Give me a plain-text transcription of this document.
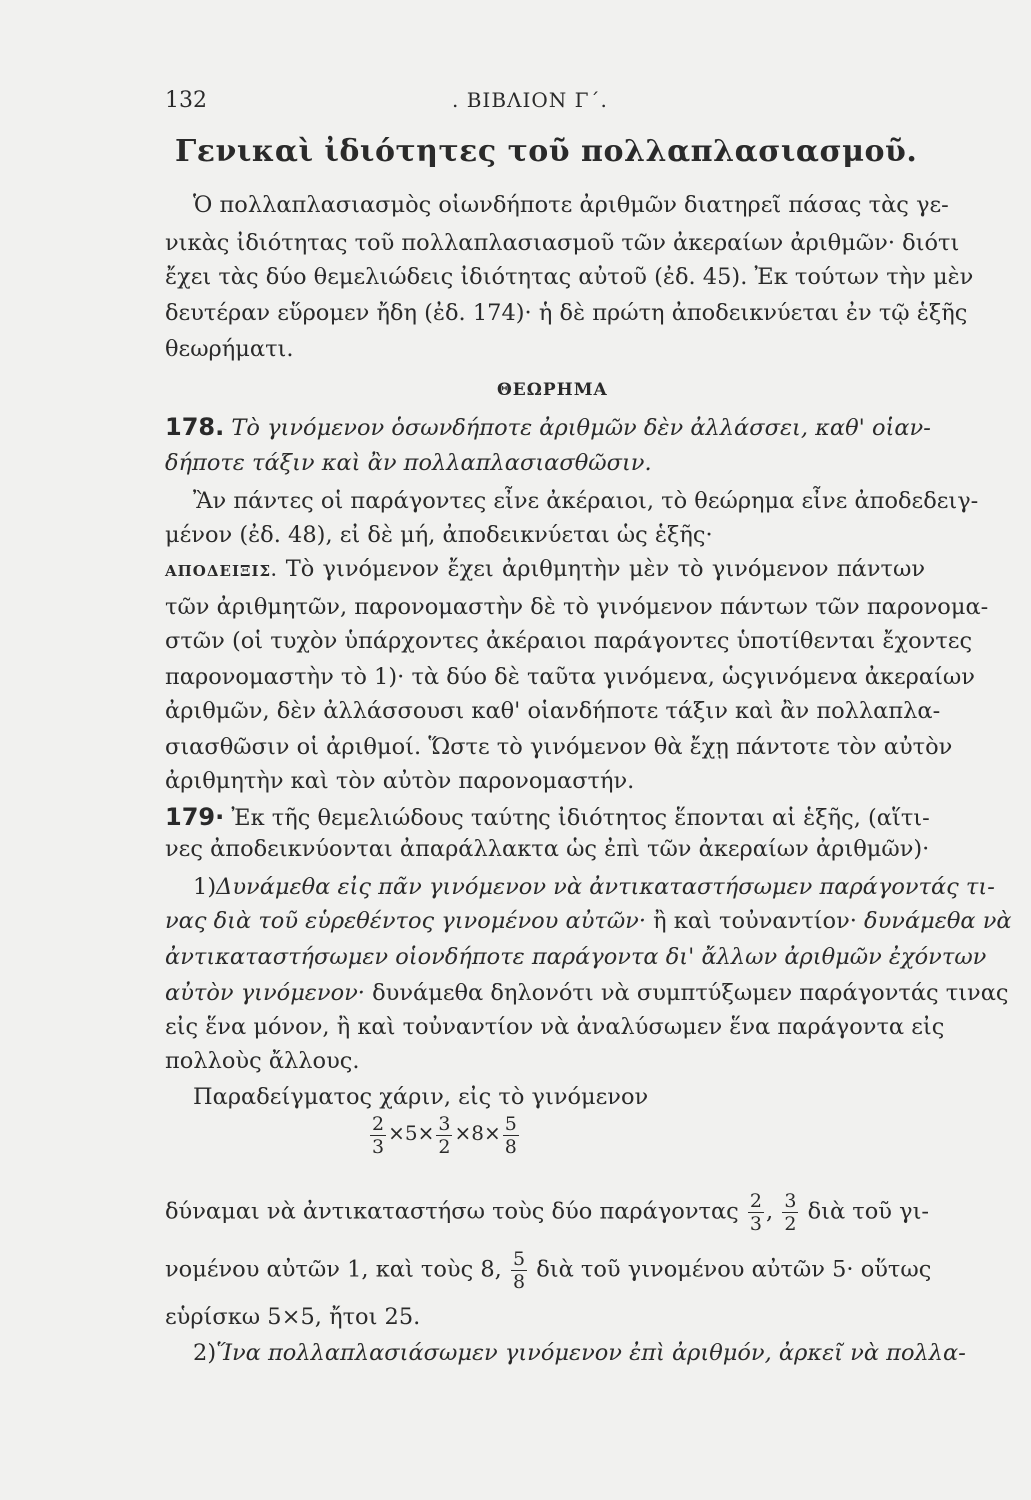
132	. ΒΙΒΛΙΟΝ Γ΄.
Γενικαὶ ἰδιότητες τοῦ πολλαπλασιασμοῦ.
Ὁ πολλαπλασιασμὸς οἱωνδήποτε ἀριθμῶν διατηρεῖ πάσας τὰς γε-
νικὰς ἰδιότητας τοῦ πολλαπλασιασμοῦ τῶν ἀκεραίων ἀριθμῶν· διότι
ἔχει τὰς δύο θεμελιώδεις ἰδιότητας αὐτοῦ (ἐδ. 45). Ἐκ τούτων τὴν μὲν
δευτέραν εὕρομεν ἤδη (ἐδ. 174)· ἡ δὲ πρώτη ἀποδεικνύεται ἐν τῷ ἑξῆς
θεωρήματι.
ΘΕΩΡΗΜΑ
178. Τὸ γινόμενον ὁσωνδήποτε ἀριθμῶν δὲν ἀλλάσσει, καθ' οἱαν-
δήποτε τάξιν καὶ ἂν πολλαπλασιασθῶσιν.
Ἂν πάντες οἱ παράγοντες εἶνε ἀκέραιοι, τὸ θεώρημα εἶνε ἀποδεδειγ-
μένον (ἐδ. 48), εἰ δὲ μή, ἀποδεικνύεται ὡς ἑξῆς·
ΑΠΟΔΕΙΞΙΣ. Τὸ γινόμενον ἔχει ἀριθμητὴν μὲν τὸ γινόμενον πάντων
τῶν ἀριθμητῶν, παρονομαστὴν δὲ τὸ γινόμενον πάντων τῶν παρονομα-
στῶν (οἱ τυχὸν ὑπάρχοντες ἀκέραιοι παράγοντες ὑποτίθενται ἔχοντες
παρονομαστὴν τὸ 1)· τὰ δύο δὲ ταῦτα γινόμενα, ὡςγινόμενα ἀκεραίων
ἀριθμῶν, δὲν ἀλλάσσουσι καθ' οἱανδήποτε τάξιν καὶ ἂν πολλαπλα-
σιασθῶσιν οἱ ἀριθμοί. Ὥστε τὸ γινόμενον θὰ ἔχῃ πάντοτε τὸν αὐτὸν
ἀριθμητὴν καὶ τὸν αὐτὸν παρονομαστήν.
179· Ἐκ τῆς θεμελιώδους ταύτης ἰδιότητος ἕπονται αἱ ἑξῆς, (αἵτι-
νες ἀποδεικνύονται ἀπαράλλακτα ὡς ἐπὶ τῶν ἀκεραίων ἀριθμῶν)·
1)Δυνάμεθα εἰς πᾶν γινόμενον νὰ ἀντικαταστήσωμεν παράγοντάς τι-
νας διὰ τοῦ εὑρεθέντος γινομένου αὐτῶν· ἢ καὶ τοὐναντίον· δυνάμεθα νὰ
ἀντικαταστήσωμεν οἱονδήποτε παράγοντα δι' ἄλλων ἀριθμῶν ἐχόντων
αὐτὸν γινόμενον· δυνάμεθα δηλονότι νὰ συμπτύξωμεν παράγοντάς τινας
εἰς ἕνα μόνον, ἢ καὶ τοὐναντίον νὰ ἀναλύσωμεν ἕνα παράγοντα εἰς
πολλοὺς ἄλλους.
Παραδείγματος χάριν, εἰς τὸ γινόμενον
$\frac{2}{3} \times 5\times \frac{3}{2} \times 8\times \frac{5}{8}$
δύναμαι νὰ ἀντικαταστήσω τοὺς δύο παράγοντας $\frac{2}{3}$ , $\frac{3}{2}$ διὰ τοῦ γι-
νομένου αὐτῶν 1, καὶ τοὺς 8, $\frac{5}{8}$ διὰ τοῦ γινομένου αὐτῶν 5· οὕτως
εὑρίσκω 5×5, ἤτοι 25.
2)Ἵνα πολλαπλασιάσωμεν γινόμενον ἐπὶ ἀριθμόν, ἀρκεῖ νὰ πολλα-
